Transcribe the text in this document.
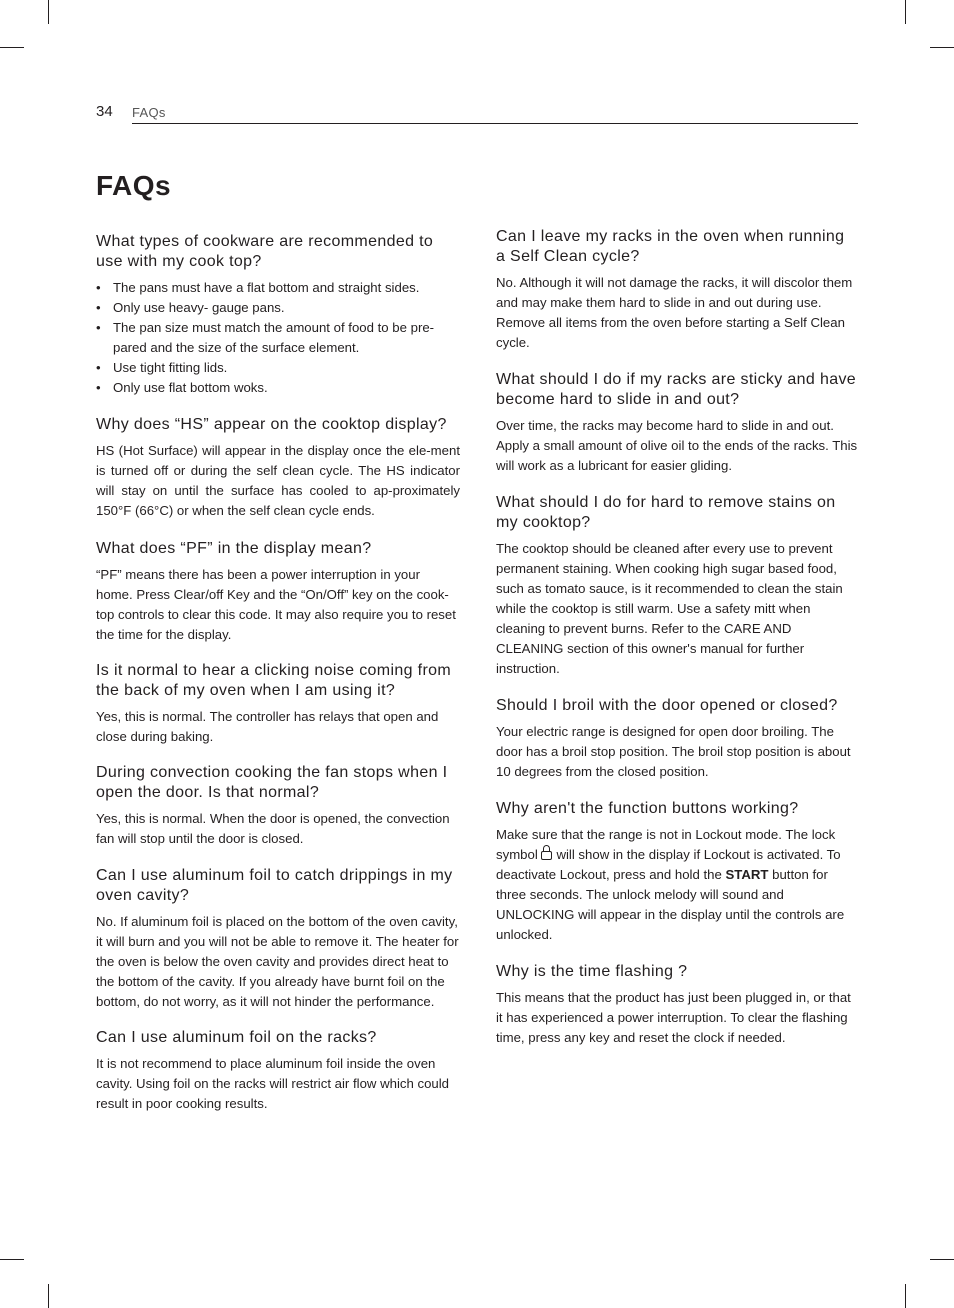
34 FAQs
FAQs
What types of cookware are recommended to use with my cook top?
• The pans must have a flat bottom and straight sides.
• Only use heavy- gauge pans.
• The pan size must match the amount of food to be pre-pared and the size of the surface element.
• Use tight fitting lids.
• Only use flat bottom woks.
Why does “HS” appear on the cooktop display?

HS (Hot Surface) will appear in the display once the ele-ment is turned off or during the self clean cycle. The HS indicator will stay on until the surface has cooled to ap-proximately 150°F (66°C) or when the self clean cycle ends.

What does “PF” in the display mean?

“PF” means there has been a power interruption in your home. Press Clear/off Key and the “On/Off” key on the cook-top controls to clear this code. It may also require you to reset the time for the display.

Is it normal to hear a clicking noise coming from the back of my oven when I am using it?

Yes, this is normal. The controller has relays that open and close during baking.

During convection cooking the fan stops when I open the door. Is that normal?

Yes, this is normal. When the door is opened, the convection fan will stop until the door is closed.

Can I use aluminum foil to catch drippings in my oven cavity?

No. If aluminum foil is placed on the bottom of the oven cavity, it will burn and you will not be able to remove it. The heater for the oven is below the oven cavity and provides direct heat to the bottom of the cavity. If you already have burnt foil on the bottom, do not worry, as it will not hinder the performance.

Can I use aluminum foil on the racks?

It is not recommend to place aluminum foil inside the oven cavity. Using foil on the racks will restrict air flow which could result in poor cooking results.

Can I leave my racks in the oven when running a Self Clean cycle?

No. Although it will not damage the racks, it will discolor them and may make them hard to slide in and out during use. Remove all items from the oven before starting a Self Clean cycle.

What should I do if my racks are sticky and have become hard to slide in and out?

Over time, the racks may become hard to slide in and out. Apply a small amount of olive oil to the ends of the racks. This will work as a lubricant for easier gliding.

What should I do for hard to remove stains on my cooktop?

The cooktop should be cleaned after every use to prevent permanent staining. When cooking high sugar based food, such as tomato sauce, is it recommended to clean the stain while the cooktop is still warm. Use a safety mitt when cleaning to prevent burns. Refer to the CARE AND CLEANING section of this owner's manual for further instruction.

Should I broil with the door opened or closed?

Your electric range is designed for open door broiling. The door has a broil stop position. The broil stop position is about 10 degrees from the closed position.

Why aren't the function buttons working?

Make sure that the range is not in Lockout mode. The lock symbol will show in the display if Lockout is activated. To deactivate Lockout, press and hold the START button for three seconds. The unlock melody will sound and UNLOCKING will appear in the display until the controls are unlocked.

Why is the time flashing ?

This means that the product has just been plugged in, or that it has experienced a power interruption. To clear the flashing time, press any key and reset the clock if needed.
